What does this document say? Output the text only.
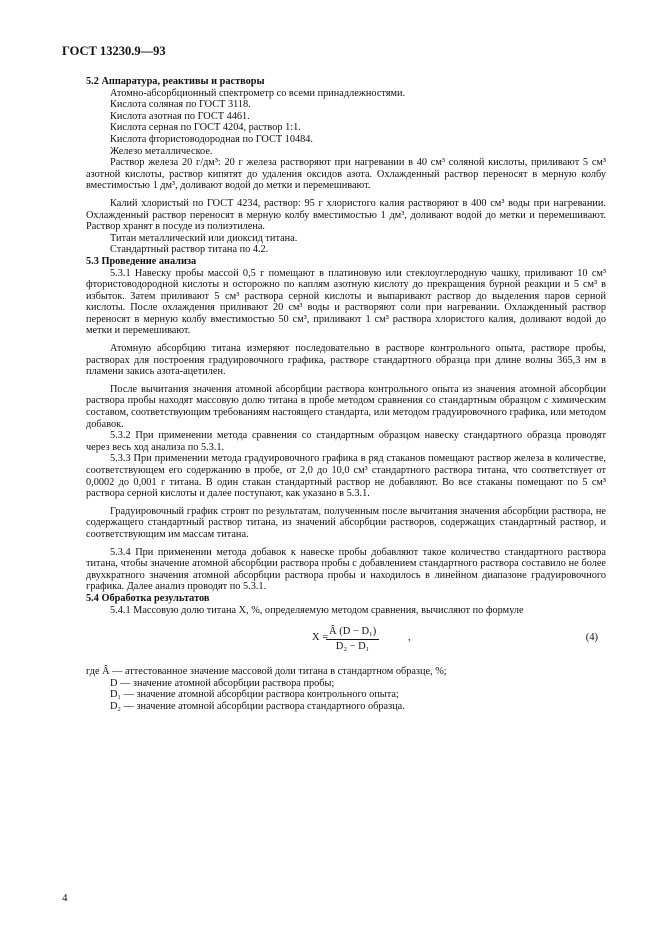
ГОСТ 13230.9—93

5.2 Аппаратура, реактивы и растворы

Атомно-абсорбционный спектрометр со всеми принадлежностями.

Кислота соляная по ГОСТ 3118.

Кислота азотная по ГОСТ 4461.

Кислота серная по ГОСТ 4204, раствор 1:1.

Кислота фтористоводородная по ГОСТ 10484.

Железо металлическое.

Раствор железа 20 г/дм³: 20 г железа растворяют при нагревании в 40 см³ соляной кислоты, приливают 5 см³ азотной кислоты, раствор кипятят до удаления оксидов азота. Охлажденный раствор переносят в мерную колбу вместимостью 1 дм³, доливают водой до метки и перемешивают.

Калий хлористый по ГОСТ 4234, раствор: 95 г хлористого калия растворяют в 400 см³ воды при нагревании. Охлажденный раствор переносят в мерную колбу вместимостью 1 дм³, доливают водой до метки и перемешивают. Раствор хранят в посуде из полиэтилена.

Титан металлический или диоксид титана.

Стандартный раствор титана по 4.2.

5.3 Проведение анализа

5.3.1 Навеску пробы массой 0,5 г помещают в платиновую или стеклоуглеродную чашку, приливают 10 см³ фтористоводородной кислоты и осторожно по каплям азотную кислоту до прекращения бурной реакции и 5 см³ в избыток. Затем приливают 5 см³ раствора серной кислоты и выпаривают раствор до выделения паров серной кислоты. После охлаждения приливают 20 см³ воды и растворяют соли при нагревании. Охлажденный раствор переносят в мерную колбу вместимостью 50 см³, приливают 1 см³ раствора хлористого калия, доливают водой до метки и перемешивают.

Атомную абсорбцию титана измеряют последовательно в растворе контрольного опыта, растворе пробы, растворах для построения градуировочного графика, растворе стандартного образца при длине волны 365,3 нм в пламени закись азота-ацетилен.

После вычитания значения атомной абсорбции раствора контрольного опыта из значения атомной абсорбции раствора пробы находят массовую долю титана в пробе методом сравнения со стандартным образцом с химическим составом, соответствующим требованиям настоящего стандарта, или методом градуировочного графика, или методом добавок.

5.3.2 При применении метода сравнения со стандартным образцом навеску стандартного образца проводят через весь ход анализа по 5.3.1.

5.3.3 При применении метода градуировочного графика в ряд стаканов помещают раствор железа в количестве, соответствующем его содержанию в пробе, от 2,0 до 10,0 см³ стандартного раствора титана, что соответствует от 0,0002 до 0,001 г титана. В один стакан стандартный раствор не добавляют. Во все стаканы помещают по 5 см³ раствора серной кислоты и далее поступают, как указано в 5.3.1.

Градуировочный график строят по результатам, полученным после вычитания значения абсорбции раствора, не содержащего стандартный раствор титана, из значений абсорбции растворов, содержащих стандартный раствор, и соответствующим им массам титана.

5.3.4 При применении метода добавок к навеске пробы добавляют такое количество стандартного раствора титана, чтобы значение атомной абсорбции раствора пробы с добавлением стандартного раствора составило не более двухкратного значения атомной абсорбции раствора пробы и находилось в линейном диапазоне градуировочного графика. Далее анализ проводят по 5.3.1.

5.4 Обработка результатов

5.4.1 Массовую долю титана X, %, определяемую методом сравнения, вычисляют по формуле

X =
$\frac{\text{Â (D − D₁)}}{\text{D₂ − D₁}}$	,	(4)

где Â — аттестованное значение массовой доли титана в стандартном образце, %;

D — значение атомной абсорбции раствора пробы;

D₁ — значение атомной абсорбции раствора контрольного опыта;

D₂ — значение атомной абсорбции раствора стандартного образца.

4
